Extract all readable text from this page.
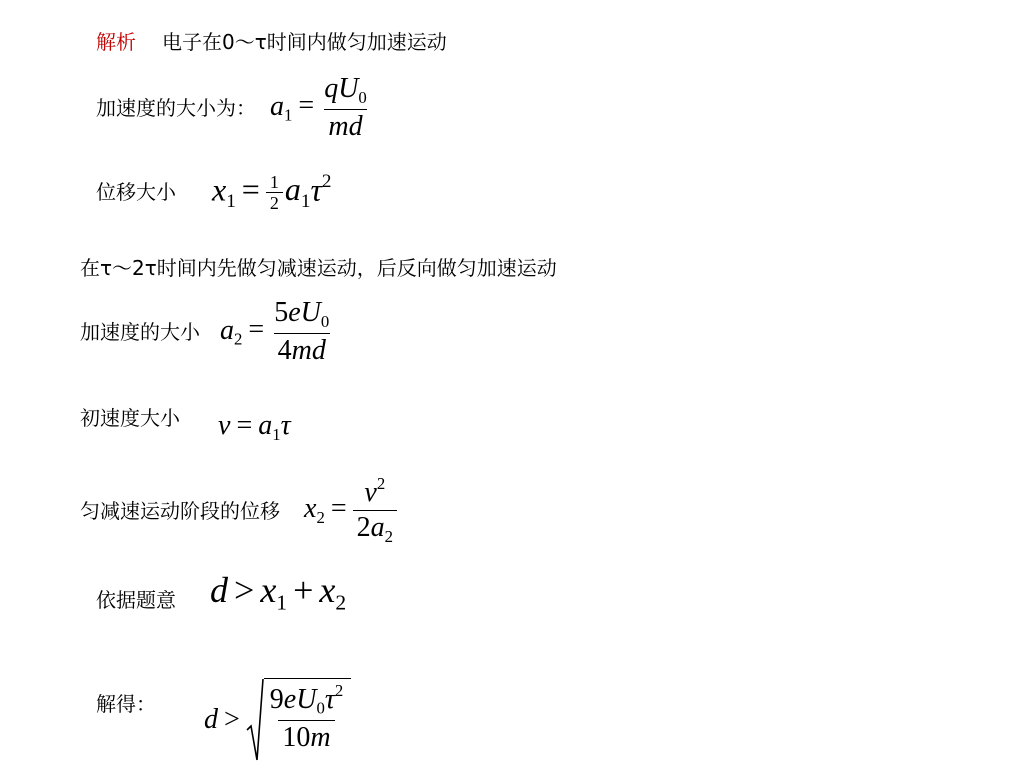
解析 电子在0～τ时间内做匀加速运动
加速度的大小为： $a_1 = \frac{qU_0}{md}$
位移大小 $x_1 = \frac{1}{2} a_1\tau^2$
在τ～2τ时间内先做匀减速运动，后反向做匀加速运动
加速度的大小 $a_2 = \frac{5eU_0}{4md}$
初速度大小 $v = a_1\tau$
匀减速运动阶段的位移 $x_2 = \frac{v^2}{2a_2}$
依据题意 $d > x_1 + x_2$
解得： $d > \frac{9eU_0\tau^2}{10m}$
